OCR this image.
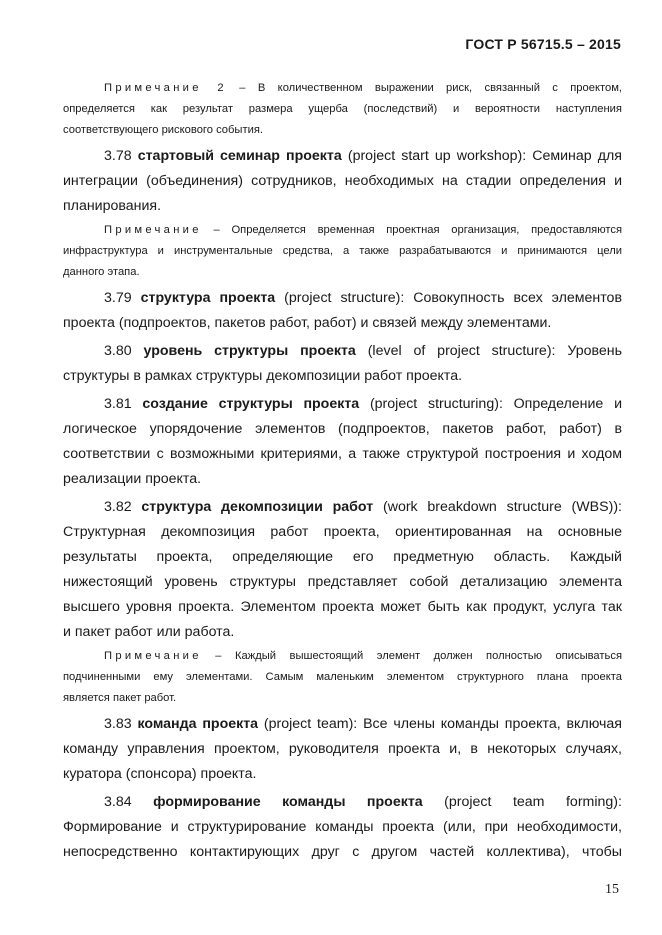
ГОСТ Р 56715.5 – 2015
Примечание 2 – В количественном выражении риск, связанный с проектом,
определяется как результат размера ущерба (последствий) и вероятности наступления
соответствующего рискового события.
3.78 стартовый семинар проекта (project start up workshop): Семинар для
интеграции (объединения) сотрудников, необходимых на стадии определения и
планирования.
Примечание – Определяется временная проектная организация, предоставляются
инфраструктура и инструментальные средства, а также разрабатываются и принимаются цели
данного этапа.
3.79 структура проекта (project structure): Совокупность всех элементов
проекта (подпроектов, пакетов работ, работ) и связей между элементами.
3.80 уровень структуры проекта (level of project structure): Уровень
структуры в рамках структуры декомпозиции работ проекта.
3.81 создание структуры проекта (project structuring): Определение и
логическое упорядочение элементов (подпроектов, пакетов работ, работ) в
соответствии с возможными критериями, а также структурой построения и ходом
реализации проекта.
3.82 структура декомпозиции работ (work breakdown structure (WBS)):
Структурная декомпозиция работ проекта, ориентированная на основные
результаты проекта, определяющие его предметную область. Каждый
нижестоящий уровень структуры представляет собой детализацию элемента
высшего уровня проекта. Элементом проекта может быть как продукт, услуга так
и пакет работ или работа.
Примечание – Каждый вышестоящий элемент должен полностью описываться
подчиненными ему элементами. Самым маленьким элементом структурного плана проекта
является пакет работ.
3.83 команда проекта (project team): Все члены команды проекта, включая
команду управления проектом, руководителя проекта и, в некоторых случаях,
куратора (спонсора) проекта.
3.84 формирование команды проекта (project team forming):
Формирование и структурирование команды проекта (или, при необходимости,
непосредственно контактирующих друг с другом частей коллектива), чтобы
15
